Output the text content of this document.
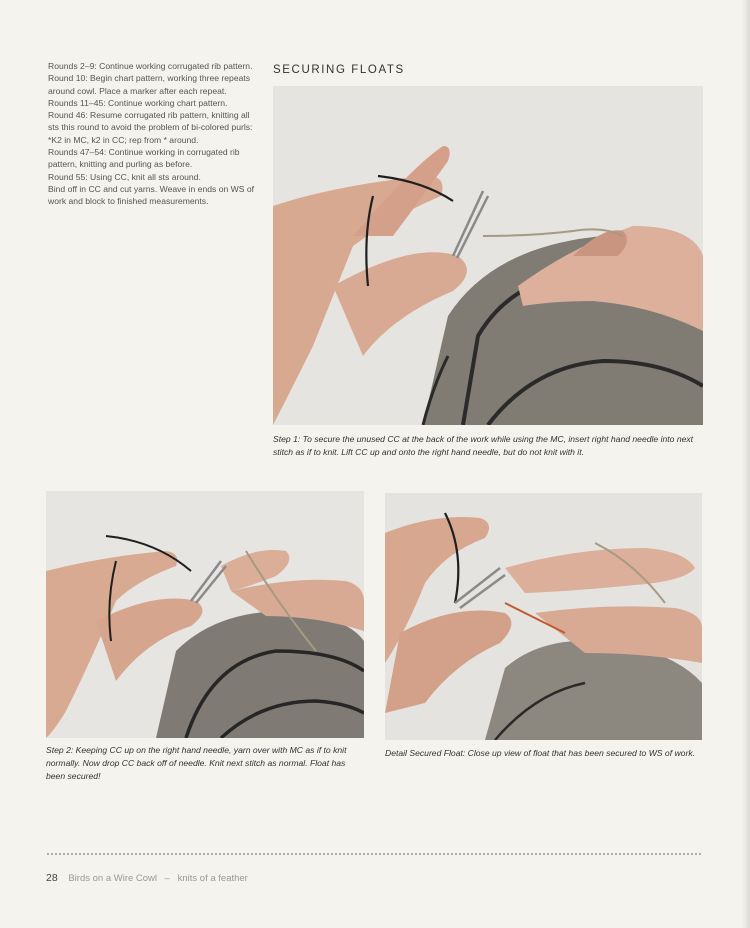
Rounds 2–9: Continue working corrugated rib pattern.

Round 10: Begin chart pattern, working three repeats around cowl. Place a marker after each repeat.

Rounds 11–45: Continue working chart pattern.

Round 46: Resume corrugated rib pattern, knitting all sts this round to avoid the problem of bi-colored purls: *K2 in MC, k2 in CC; rep from * around.

Rounds 47–54: Continue working in corrugated rib pattern, knitting and purling as before.

Round 55: Using CC, knit all sts around.

Bind off in CC and cut yarns. Weave in ends on WS of work and block to finished measurements.

SECURING FLOATS
Step 1: To secure the unused CC at the back of the work while using the MC, insert right hand needle into next stitch as if to knit. Lift CC up and onto the right hand needle, but do not knit with it.
Step 2: Keeping CC up on the right hand needle, yarn over with MC as if to knit normally. Now drop CC back off of needle. Knit next stitch as normal. Float has been secured!
Detail Secured Float: Close up view of float that has been secured to WS of work.
28 Birds on a Wire Cowl – knits of a feather
